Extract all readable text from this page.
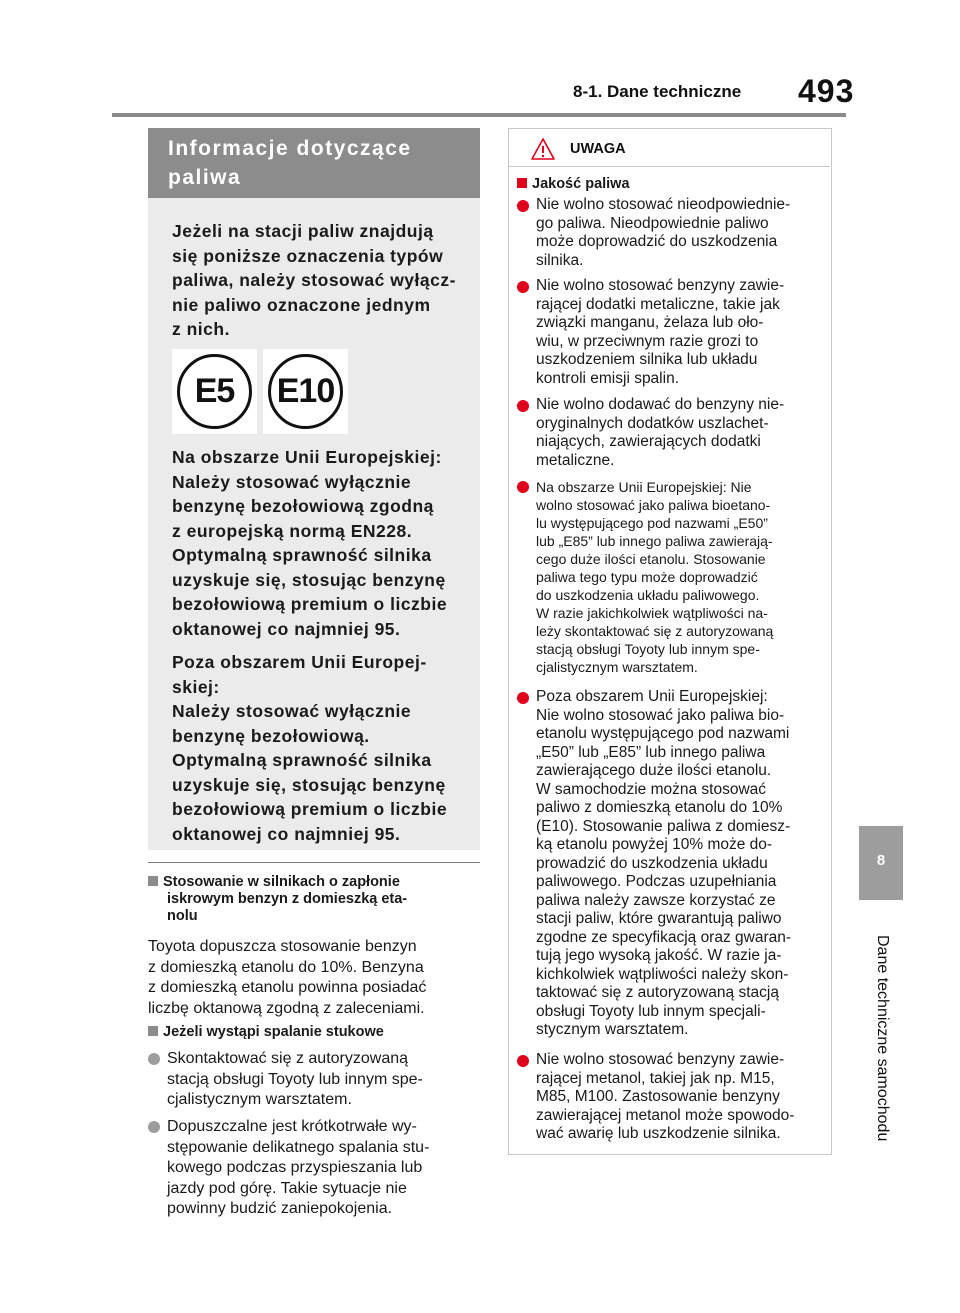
8-1. Dane techniczne 493
8
Dane techniczne samochodu
Informacje dotyczące
paliwa
Jeżeli na stacji paliw znajdują
się poniższe oznaczenia typów
paliwa, należy stosować wyłącz-
nie paliwo oznaczone jednym
z nich.
E5	E10
Na obszarze Unii Europejskiej:
Należy stosować wyłącznie
benzynę bezołowiową zgodną
z europejską normą EN228.
Optymalną sprawność silnika
uzyskuje się, stosując benzynę
bezołowiową premium o liczbie
oktanowej co najmniej 95.
Poza obszarem Unii Europej-
skiej:
Należy stosować wyłącznie
benzynę bezołowiową.
Optymalną sprawność silnika
uzyskuje się, stosując benzynę
bezołowiową premium o liczbie
oktanowej co najmniej 95.
Stosowanie w silnikach o zapłonie
iskrowym benzyn z domieszką eta-
nolu
Toyota dopuszcza stosowanie benzyn
z domieszką etanolu do 10%. Benzyna
z domieszką etanolu powinna posiadać
liczbę oktanową zgodną z zaleceniami.
Jeżeli wystąpi spalanie stukowe
Skontaktować się z autoryzowaną
stacją obsługi Toyoty lub innym spe-
cjalistycznym warsztatem.
Dopuszczalne jest krótkotrwałe wy-
stępowanie delikatnego spalania stu-
kowego podczas przyspieszania lub
jazdy pod górę. Takie sytuacje nie
powinny budzić zaniepokojenia.
UWAGA
Jakość paliwa
Nie wolno stosować nieodpowiednie-
go paliwa. Nieodpowiednie paliwo
może doprowadzić do uszkodzenia
silnika.
Nie wolno stosować benzyny zawie-
rającej dodatki metaliczne, takie jak
związki manganu, żelaza lub oło-
wiu, w przeciwnym razie grozi to
uszkodzeniem silnika lub układu
kontroli emisji spalin.
Nie wolno dodawać do benzyny nie-
oryginalnych dodatków uszlachet-
niających, zawierających dodatki
metaliczne.
Na obszarze Unii Europejskiej: Nie
wolno stosować jako paliwa bioetano-
lu występującego pod nazwami „E50”
lub „E85” lub innego paliwa zawierają-
cego duże ilości etanolu. Stosowanie
paliwa tego typu może doprowadzić
do uszkodzenia układu paliwowego.
W razie jakichkolwiek wątpliwości na-
leży skontaktować się z autoryzowaną
stacją obsługi Toyoty lub innym spe-
cjalistycznym warsztatem.
Poza obszarem Unii Europejskiej:
Nie wolno stosować jako paliwa bio-
etanolu występującego pod nazwami
„E50” lub „E85” lub innego paliwa
zawierającego duże ilości etanolu.
W samochodzie można stosować
paliwo z domieszką etanolu do 10%
(E10). Stosowanie paliwa z domiesz-
ką etanolu powyżej 10% może do-
prowadzić do uszkodzenia układu
paliwowego. Podczas uzupełniania
paliwa należy zawsze korzystać ze
stacji paliw, które gwarantują paliwo
zgodne ze specyfikacją oraz gwaran-
tują jego wysoką jakość. W razie ja-
kichkolwiek wątpliwości należy skon-
taktować się z autoryzowaną stacją
obsługi Toyoty lub innym specjali-
stycznym warsztatem.
Nie wolno stosować benzyny zawie-
rającej metanol, takiej jak np. M15,
M85, M100. Zastosowanie benzyny
zawierającej metanol może spowodo-
wać awarię lub uszkodzenie silnika.
